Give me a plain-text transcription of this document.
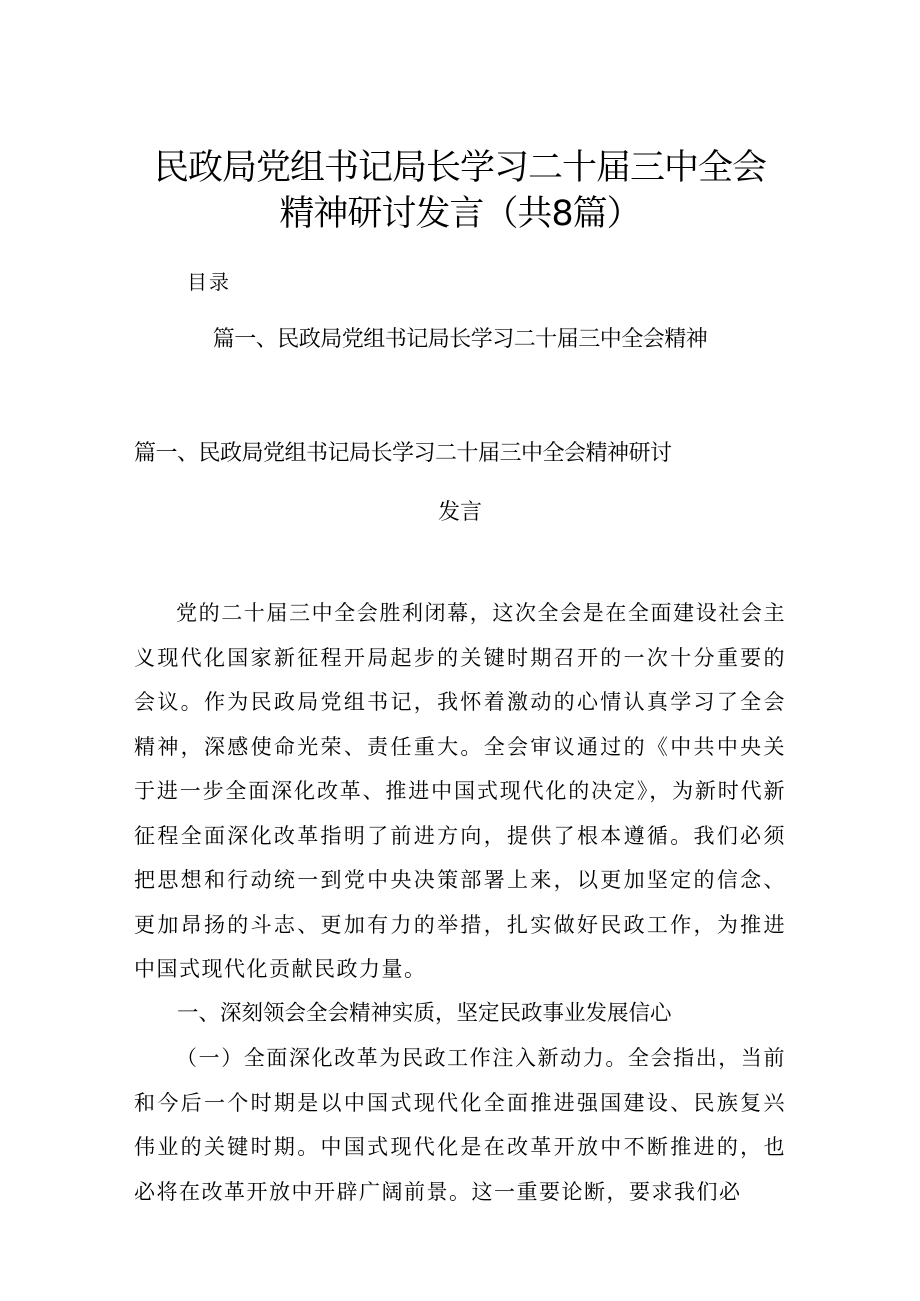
民政局党组书记局长学习二十届三中全会
精神研讨发言（共8篇）
目录
篇一、民政局党组书记局长学习二十届三中全会精神
篇一、民政局党组书记局长学习二十届三中全会精神研讨
发言

党的二十届三中全会胜利闭幕，这次全会是在全面建设社会主义现代化国家新征程开局起步的关键时期召开的一次十分重要的会议。作为民政局党组书记，我怀着激动的心情认真学习了全会精神，深感使命光荣、责任重大。全会审议通过的《中共中央关于进一步全面深化改革、推进中国式现代化的决定》，为新时代新征程全面深化改革指明了前进方向，提供了根本遵循。我们必须把思想和行动统一到党中央决策部署上来，以更加坚定的信念、更加昂扬的斗志、更加有力的举措，扎实做好民政工作，为推进中国式现代化贡献民政力量。

一、深刻领会全会精神实质，坚定民政事业发展信心

（一）全面深化改革为民政工作注入新动力。全会指出，当前和今后一个时期是以中国式现代化全面推进强国建设、民族复兴伟业的关键时期。中国式现代化是在改革开放中不断推进的，也必将在改革开放中开辟广阔前景。这一重要论断，要求我们必
